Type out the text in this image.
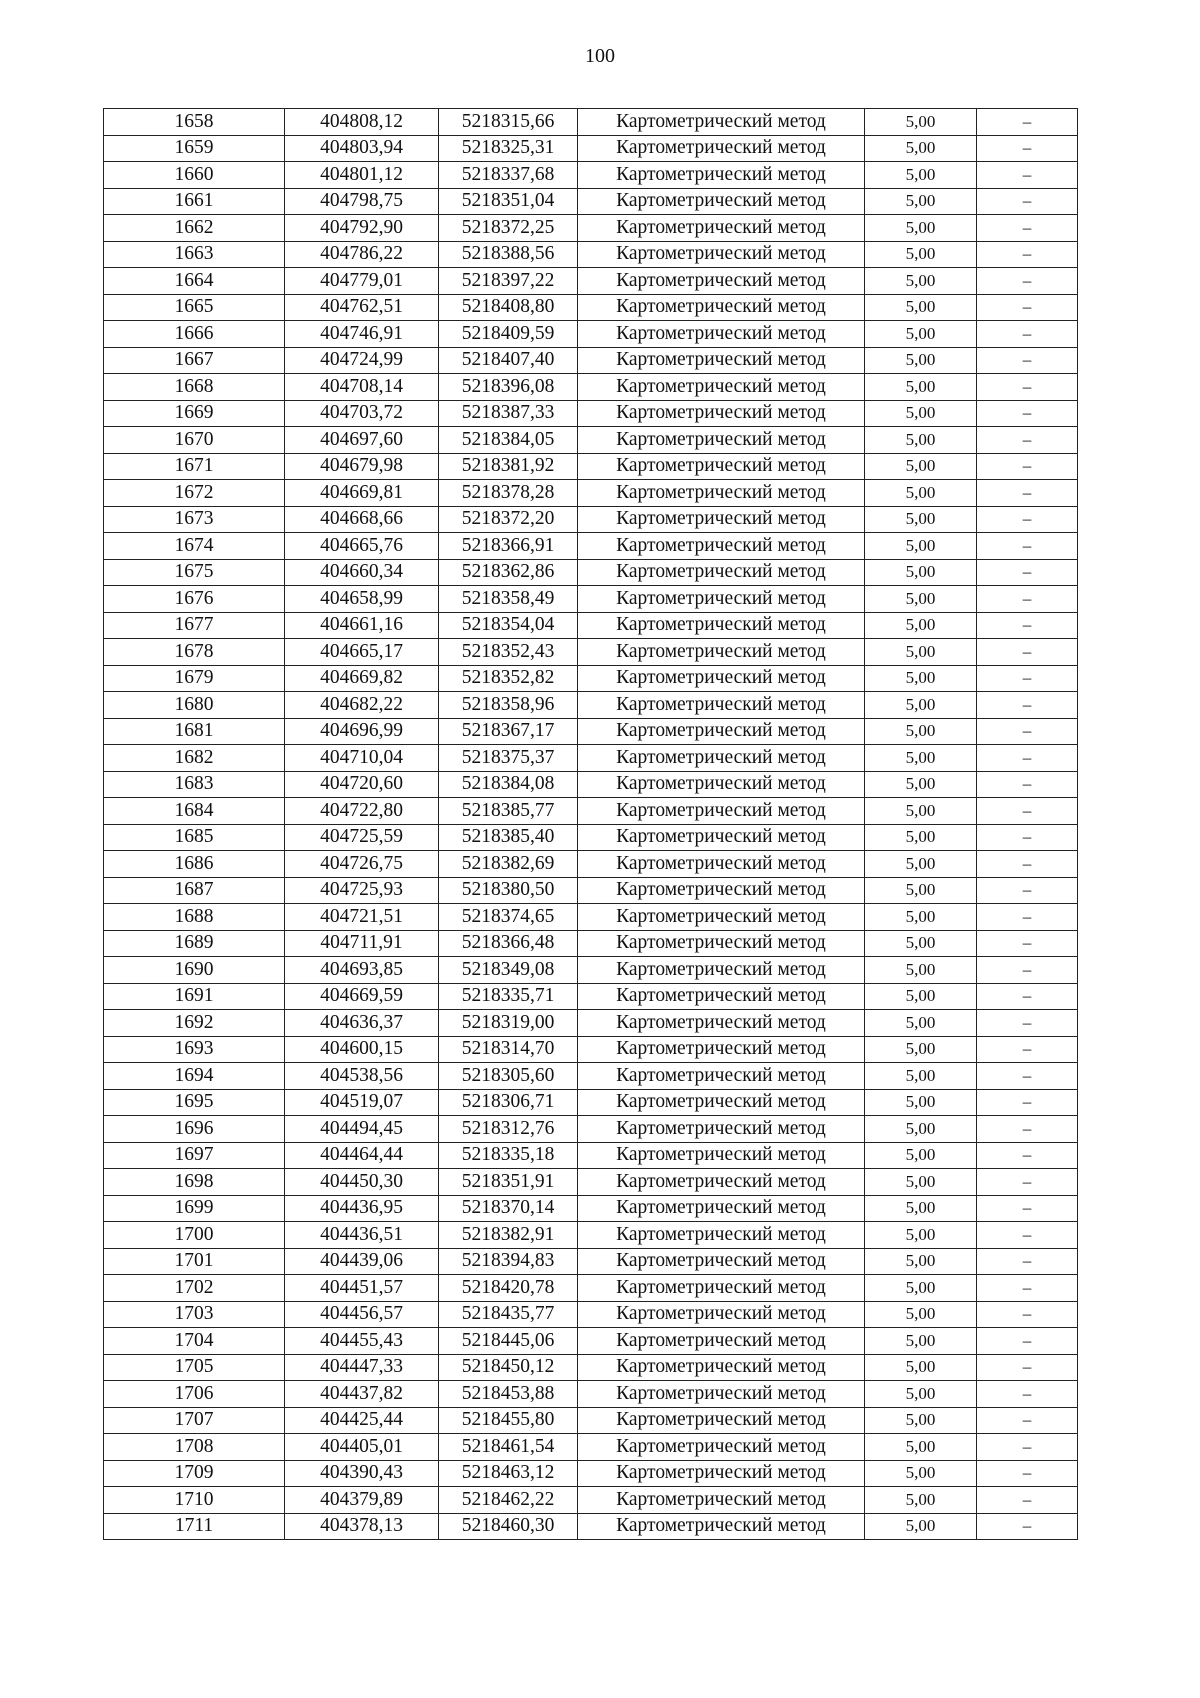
100
1658	404808,12	5218315,66	Картометрический метод	5,00	–
1659	404803,94	5218325,31	Картометрический метод	5,00	–
1660	404801,12	5218337,68	Картометрический метод	5,00	–
1661	404798,75	5218351,04	Картометрический метод	5,00	–
1662	404792,90	5218372,25	Картометрический метод	5,00	–
1663	404786,22	5218388,56	Картометрический метод	5,00	–
1664	404779,01	5218397,22	Картометрический метод	5,00	–
1665	404762,51	5218408,80	Картометрический метод	5,00	–
1666	404746,91	5218409,59	Картометрический метод	5,00	–
1667	404724,99	5218407,40	Картометрический метод	5,00	–
1668	404708,14	5218396,08	Картометрический метод	5,00	–
1669	404703,72	5218387,33	Картометрический метод	5,00	–
1670	404697,60	5218384,05	Картометрический метод	5,00	–
1671	404679,98	5218381,92	Картометрический метод	5,00	–
1672	404669,81	5218378,28	Картометрический метод	5,00	–
1673	404668,66	5218372,20	Картометрический метод	5,00	–
1674	404665,76	5218366,91	Картометрический метод	5,00	–
1675	404660,34	5218362,86	Картометрический метод	5,00	–
1676	404658,99	5218358,49	Картометрический метод	5,00	–
1677	404661,16	5218354,04	Картометрический метод	5,00	–
1678	404665,17	5218352,43	Картометрический метод	5,00	–
1679	404669,82	5218352,82	Картометрический метод	5,00	–
1680	404682,22	5218358,96	Картометрический метод	5,00	–
1681	404696,99	5218367,17	Картометрический метод	5,00	–
1682	404710,04	5218375,37	Картометрический метод	5,00	–
1683	404720,60	5218384,08	Картометрический метод	5,00	–
1684	404722,80	5218385,77	Картометрический метод	5,00	–
1685	404725,59	5218385,40	Картометрический метод	5,00	–
1686	404726,75	5218382,69	Картометрический метод	5,00	–
1687	404725,93	5218380,50	Картометрический метод	5,00	–
1688	404721,51	5218374,65	Картометрический метод	5,00	–
1689	404711,91	5218366,48	Картометрический метод	5,00	–
1690	404693,85	5218349,08	Картометрический метод	5,00	–
1691	404669,59	5218335,71	Картометрический метод	5,00	–
1692	404636,37	5218319,00	Картометрический метод	5,00	–
1693	404600,15	5218314,70	Картометрический метод	5,00	–
1694	404538,56	5218305,60	Картометрический метод	5,00	–
1695	404519,07	5218306,71	Картометрический метод	5,00	–
1696	404494,45	5218312,76	Картометрический метод	5,00	–
1697	404464,44	5218335,18	Картометрический метод	5,00	–
1698	404450,30	5218351,91	Картометрический метод	5,00	–
1699	404436,95	5218370,14	Картометрический метод	5,00	–
1700	404436,51	5218382,91	Картометрический метод	5,00	–
1701	404439,06	5218394,83	Картометрический метод	5,00	–
1702	404451,57	5218420,78	Картометрический метод	5,00	–
1703	404456,57	5218435,77	Картометрический метод	5,00	–
1704	404455,43	5218445,06	Картометрический метод	5,00	–
1705	404447,33	5218450,12	Картометрический метод	5,00	–
1706	404437,82	5218453,88	Картометрический метод	5,00	–
1707	404425,44	5218455,80	Картометрический метод	5,00	–
1708	404405,01	5218461,54	Картометрический метод	5,00	–
1709	404390,43	5218463,12	Картометрический метод	5,00	–
1710	404379,89	5218462,22	Картометрический метод	5,00	–
1711	404378,13	5218460,30	Картометрический метод	5,00	–
